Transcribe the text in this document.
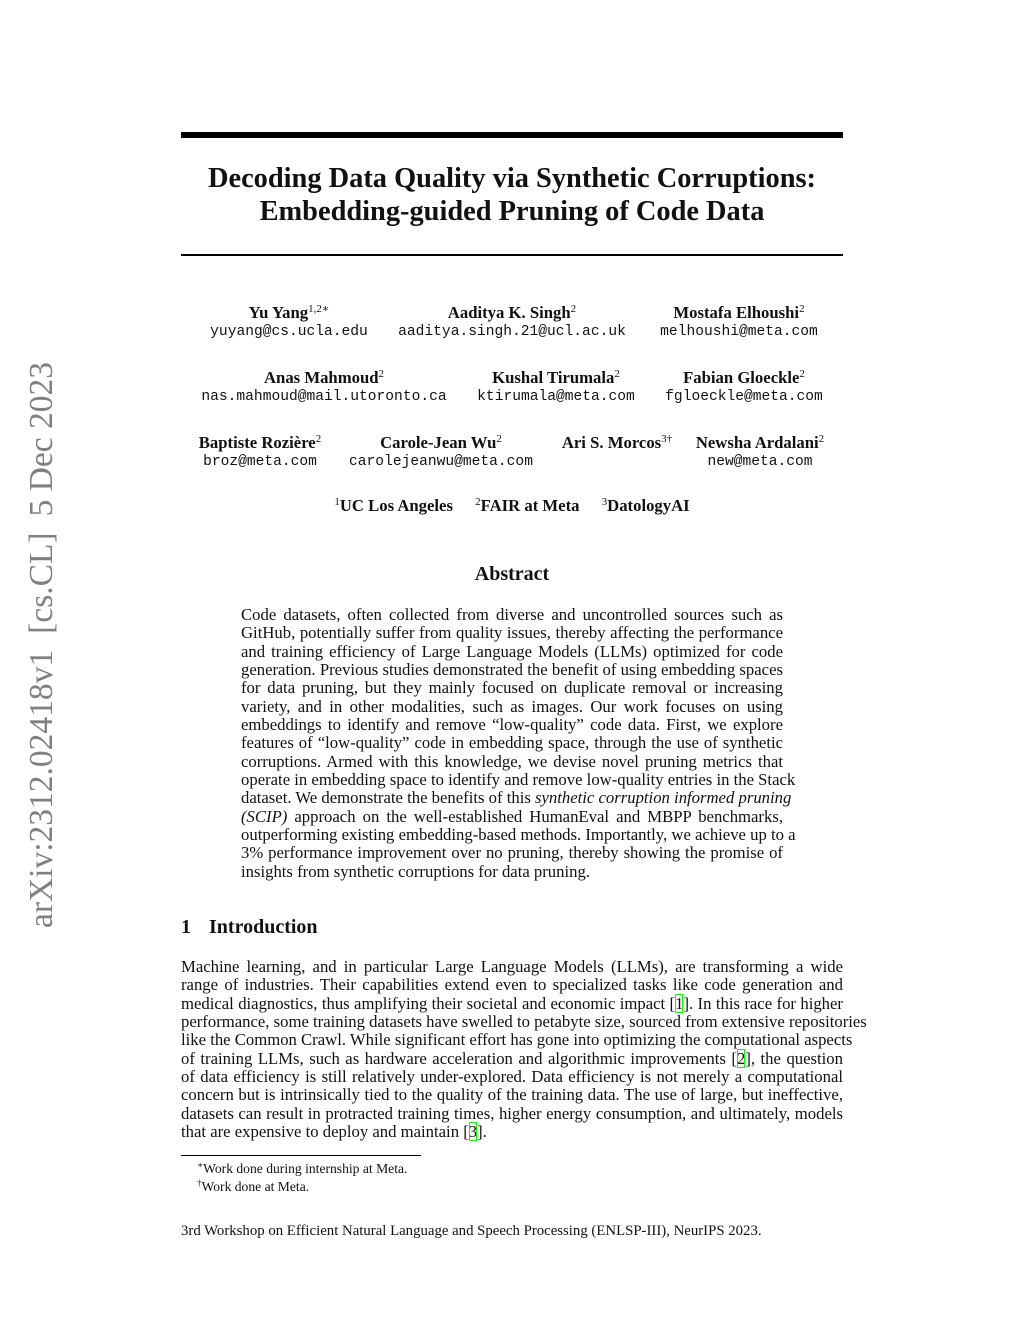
arXiv:2312.02418v1[cs.CL]5 Dec 2023
Decoding Data Quality via Synthetic Corruptions:
Embedding-guided Pruning of Code Data
Yu Yang$^{1,2∗}$
yuyang@cs.ucla.edu
Aaditya K. Singh$^2$
aaditya.singh.21@ucl.ac.uk
Mostafa Elhoushi$^2$
melhoushi@meta.com
Anas Mahmoud$^2$
nas.mahmoud@mail.utoronto.ca
Kushal Tirumala$^2$
ktirumala@meta.com
Fabian Gloeckle$^2$
fgloeckle@meta.com
Baptiste Rozière$^2$
broz@meta.com
Carole-Jean Wu$^2$
carolejeanwu@meta.com
Ari S. Morcos$^{3\dagger}$ Newsha Ardalani$^2$
new@meta.com
$^1$UC Los Angeles $^2$FAIR at Meta $^3$DatologyAI
Abstract
Code datasets, often collected from diverse and uncontrolled sources such as
GitHub, potentially suffer from quality issues, thereby affecting the performance
and training efficiency of Large Language Models (LLMs) optimized for code
generation. Previous studies demonstrated the benefit of using embedding spaces
for data pruning, but they mainly focused on duplicate removal or increasing
variety, and in other modalities, such as images. Our work focuses on using
embeddings to identify and remove “low-quality” code data. First, we explore
features of “low-quality” code in embedding space, through the use of synthetic
corruptions. Armed with this knowledge, we devise novel pruning metrics that
operate in embedding space to identify and remove low-quality entries in the Stack
dataset. We demonstrate the benefits of this synthetic corruption informed pruning
(SCIP) approach on the well-established HumanEval and MBPP benchmarks,
outperforming existing embedding-based methods. Importantly, we achieve up to a
3% performance improvement over no pruning, thereby showing the promise of
insights from synthetic corruptions for data pruning.
1 Introduction
Machine learning, and in particular Large Language Models (LLMs), are transforming a wide
range of industries. Their capabilities extend even to specialized tasks like code generation and
medical diagnostics, thus amplifying their societal and economic impact [1]. In this race for higher
performance, some training datasets have swelled to petabyte size, sourced from extensive repositories
like the Common Crawl. While significant effort has gone into optimizing the computational aspects
of training LLMs, such as hardware acceleration and algorithmic improvements [2], the question
of data efficiency is still relatively under-explored. Data efficiency is not merely a computational
concern but is intrinsically tied to the quality of the training data. The use of large, but ineffective,
datasets can result in protracted training times, higher energy consumption, and ultimately, models
that are expensive to deploy and maintain [3].
∗Work done during internship at Meta.
†Work done at Meta.
3rd Workshop on Efficient Natural Language and Speech Processing (ENLSP-III), NeurIPS 2023.
